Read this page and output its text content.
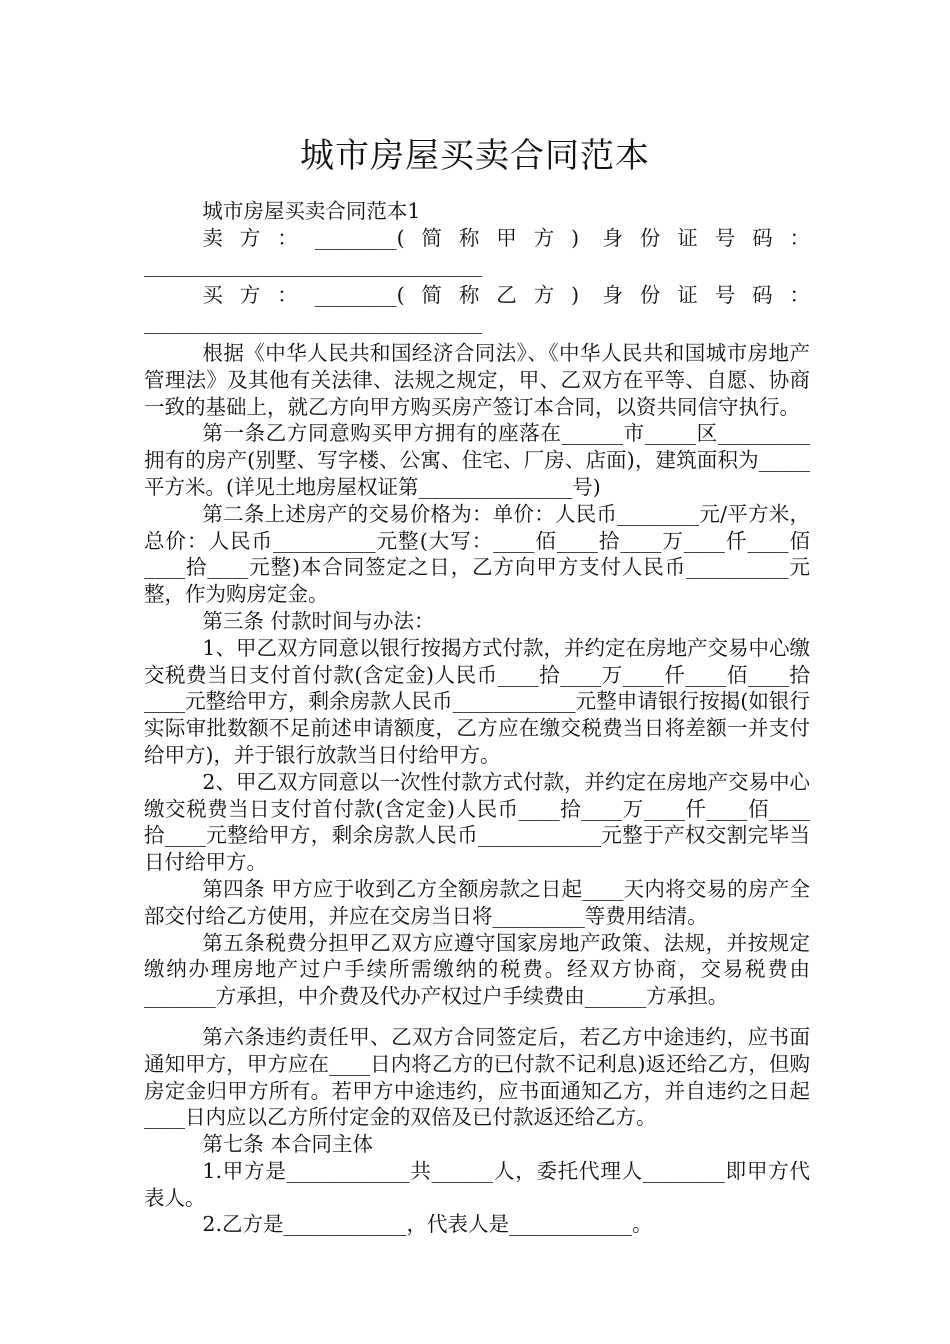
城市房屋买卖合同范本

城市房屋买卖合同范本1

卖方：________(简称甲方) 身份证号码：_________________________________

买方：________(简称乙方) 身份证号码：_________________________________

根据《中华人民共和国经济合同法》、《中华人民共和国城市房地产管理法》及其他有关法律、法规之规定，甲、乙双方在平等、自愿、协商一致的基础上，就乙方向甲方购买房产签订本合同，以资共同信守执行。

第一条乙方同意购买甲方拥有的座落在______市_____区_________拥有的房产(别墅、写字楼、公寓、住宅、厂房、店面)，建筑面积为_____平方米。(详见土地房屋权证第_______________号)

第二条上述房产的交易价格为：单价：人民币________元/平方米，总价：人民币__________元整(大写：____佰____拾____万____仟____佰____拾____元整)本合同签定之日，乙方向甲方支付人民币__________元整，作为购房定金。

第三条 付款时间与办法：

1、甲乙双方同意以银行按揭方式付款，并约定在房地产交易中心缴交税费当日支付首付款(含定金)人民币____拾____万____仟____佰____拾____元整给甲方，剩余房款人民币____________元整申请银行按揭(如银行实际审批数额不足前述申请额度，乙方应在缴交税费当日将差额一并支付给甲方)，并于银行放款当日付给甲方。

2、甲乙双方同意以一次性付款方式付款，并约定在房地产交易中心缴交税费当日支付首付款(含定金)人民币____拾____万____仟____佰____拾____元整给甲方，剩余房款人民币____________元整于产权交割完毕当日付给甲方。

第四条 甲方应于收到乙方全额房款之日起____天内将交易的房产全部交付给乙方使用，并应在交房当日将_________等费用结清。

第五条税费分担甲乙双方应遵守国家房地产政策、法规，并按规定缴纳办理房地产过户手续所需缴纳的税费。经双方协商，交易税费由_______方承担，中介费及代办产权过户手续费由______方承担。

第六条违约责任甲、乙双方合同签定后，若乙方中途违约，应书面通知甲方，甲方应在____日内将乙方的已付款不记利息)返还给乙方，但购房定金归甲方所有。若甲方中途违约，应书面通知乙方，并自违约之日起____日内应以乙方所付定金的双倍及已付款返还给乙方。

第七条 本合同主体

1.甲方是____________共______人，委托代理人________即甲方代表人。

2.乙方是____________，代表人是____________。
